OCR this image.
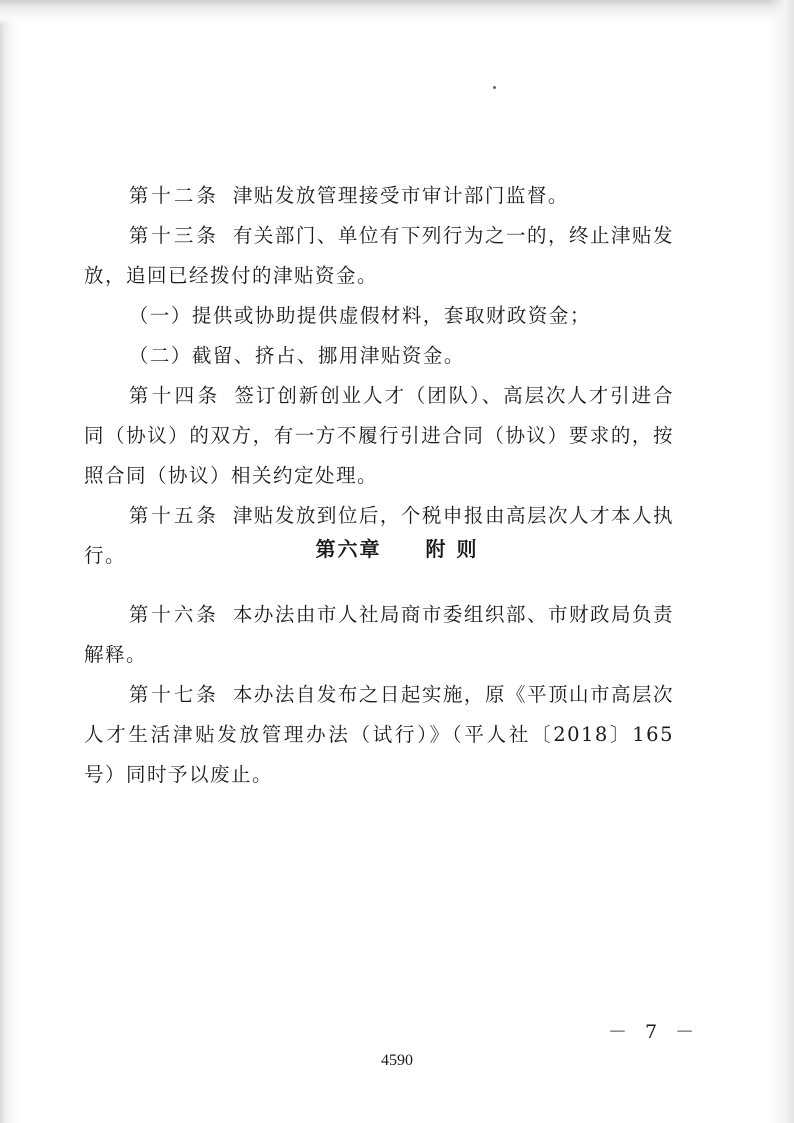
第十二条 津贴发放管理接受市审计部门监督。

第十三条 有关部门、单位有下列行为之一的，终止津贴发放，追回已经拨付的津贴资金。

（一）提供或协助提供虚假材料，套取财政资金；

（二）截留、挤占、挪用津贴资金。

第十四条 签订创新创业人才（团队）、高层次人才引进合同（协议）的双方，有一方不履行引进合同（协议）要求的，按照合同（协议）相关约定处理。

第十五条 津贴发放到位后，个税申报由高层次人才本人执行。	第六章 附 则

第十六条 本办法由市人社局商市委组织部、市财政局负责解释。

第十七条 本办法自发布之日起实施，原《平顶山市高层次人才生活津贴发放管理办法（试行）》（平人社〔2018〕165号）同时予以废止。

－ 7 －
4590
